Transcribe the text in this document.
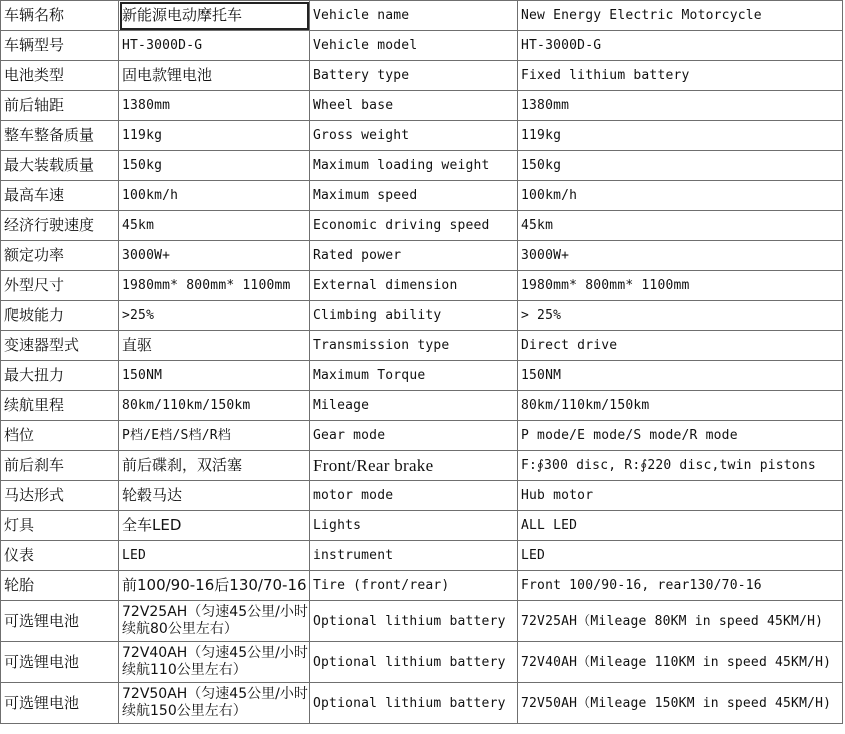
车辆名称	新能源电动摩托车	Vehicle name	New Energy Electric Motorcycle
车辆型号	HT-3000D-G	Vehicle model	HT-3000D-G
电池类型	固电款锂电池	Battery type	Fixed lithium battery
前后轴距	1380mm	Wheel base	1380mm
整车整备质量	119kg	Gross weight	119kg
最大装载质量	150kg	Maximum loading weight	150kg
最高车速	100km/h	Maximum speed	100km/h
经济行驶速度	45km	Economic driving speed	45km
额定功率	3000W+	Rated power	3000W+
外型尺寸	1980mm* 800mm* 1100mm	External dimension	1980mm* 800mm* 1100mm
爬坡能力	>25%	Climbing ability	> 25%
变速器型式	直驱	Transmission type	Direct drive
最大扭力	150NM	Maximum Torque	150NM
续航里程	80km/110km/150km	Mileage	80km/110km/150km
档位	P档/E档/S档/R档	Gear mode	P mode/E mode/S mode/R mode
前后刹车	前后碟刹，双活塞	Front/Rear brake	F:∮300 disc, R:∮220 disc,twin pistons
马达形式	轮毂马达	motor mode	Hub motor
灯具	全车LED	Lights	ALL LED
仪表	LED	instrument	LED
轮胎	前100/90-16后130/70-16	Tire (front/rear)	Front 100/90-16, rear130/70-16
可选锂电池	72V25AH（匀速45公里/小时续航80公里左右）	Optional lithium battery	72V25AH（Mileage 80KM in speed 45KM/H)
可选锂电池	72V40AH（匀速45公里/小时续航110公里左右）	Optional lithium battery	72V40AH（Mileage 110KM in speed 45KM/H)
可选锂电池	72V50AH（匀速45公里/小时续航150公里左右）	Optional lithium battery	72V50AH（Mileage 150KM in speed 45KM/H)
